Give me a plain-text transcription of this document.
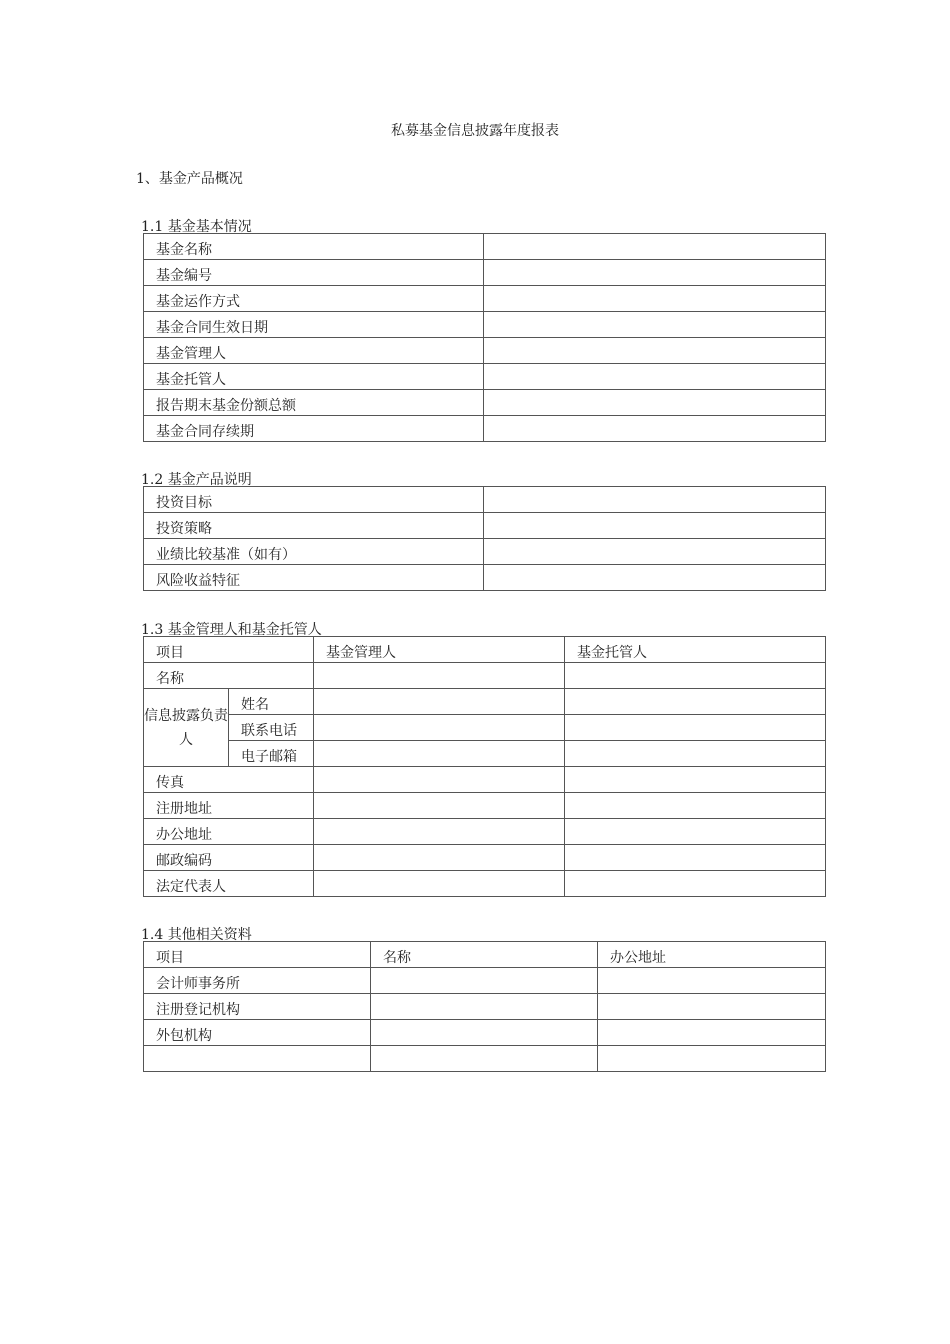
私募基金信息披露年度报表
1、基金产品概况
1.1 基金基本情况
基金名称	
基金编号	
基金运作方式	
基金合同生效日期	
基金管理人	
基金托管人	
报告期末基金份额总额	
基金合同存续期	
1.2 基金产品说明
投资目标	
投资策略	
业绩比较基准（如有）	
风险收益特征	
1.3 基金管理人和基金托管人
项目		基金管理人	基金托管人
名称			
信息披露负责人	姓名		
	联系电话		
	电子邮箱		
传真			
注册地址			
办公地址			
邮政编码			
法定代表人			
1.4 其他相关资料
项目	名称	办公地址
会计师事务所		
注册登记机构		
外包机构		
